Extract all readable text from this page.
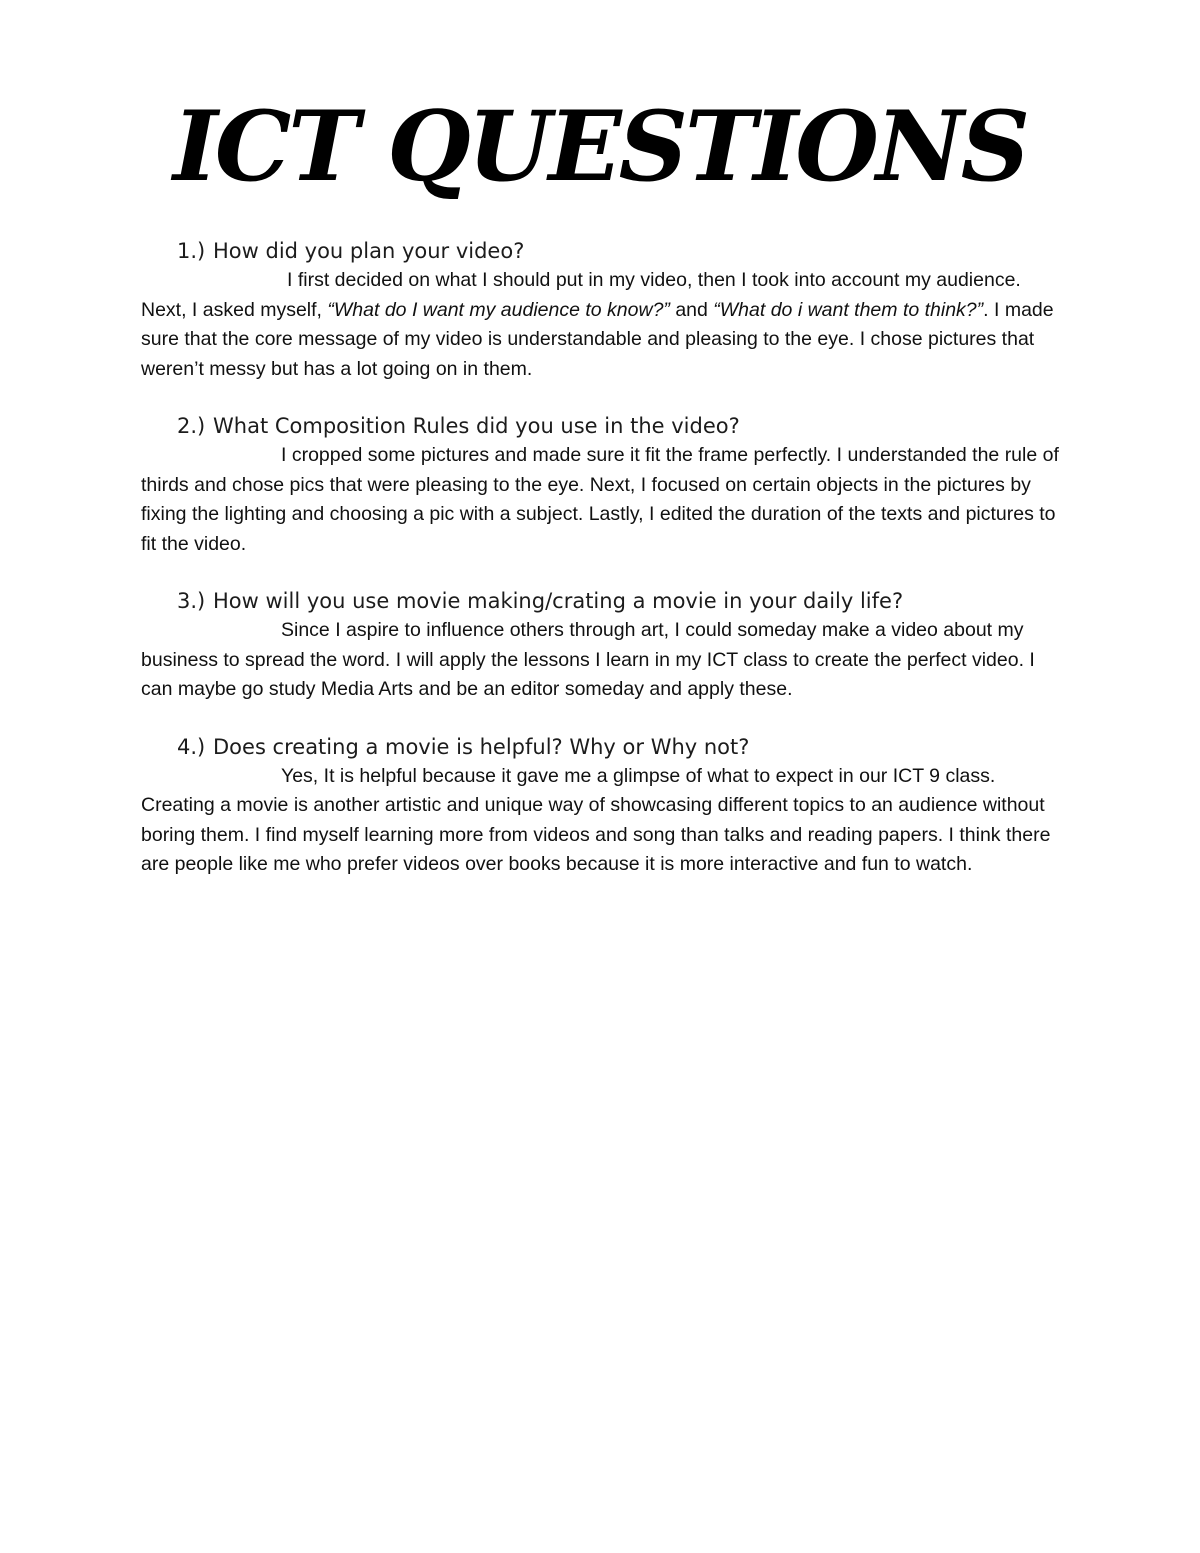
ICT QUESTIONS

1.) How did you plan your video?

I first decided on what I should put in my video, then I took into account my audience. Next, I asked myself, “What do I want my audience to know?” and “What do i want them to think?”. I made sure that the core message of my video is understandable and pleasing to the eye. I chose pictures that weren’t messy but has a lot going on in them.

2.) What Composition Rules did you use in the video?

I cropped some pictures and made sure it fit the frame perfectly. I understanded the rule of thirds and chose pics that were pleasing to the eye. Next, I focused on certain objects in the pictures by fixing the lighting and choosing a pic with a subject. Lastly, I edited the duration of the texts and pictures to fit the video.

3.) How will you use movie making/crating a movie in your daily life?

Since I aspire to influence others through art, I could someday make a video about my business to spread the word. I will apply the lessons I learn in my ICT class to create the perfect video. I can maybe go study Media Arts and be an editor someday and apply these.

4.) Does creating a movie is helpful? Why or Why not?

Yes, It is helpful because it gave me a glimpse of what to expect in our ICT 9 class. Creating a movie is another artistic and unique way of showcasing different topics to an audience without boring them. I find myself learning more from videos and song than talks and reading papers. I think there are people like me who prefer videos over books because it is more interactive and fun to watch.
